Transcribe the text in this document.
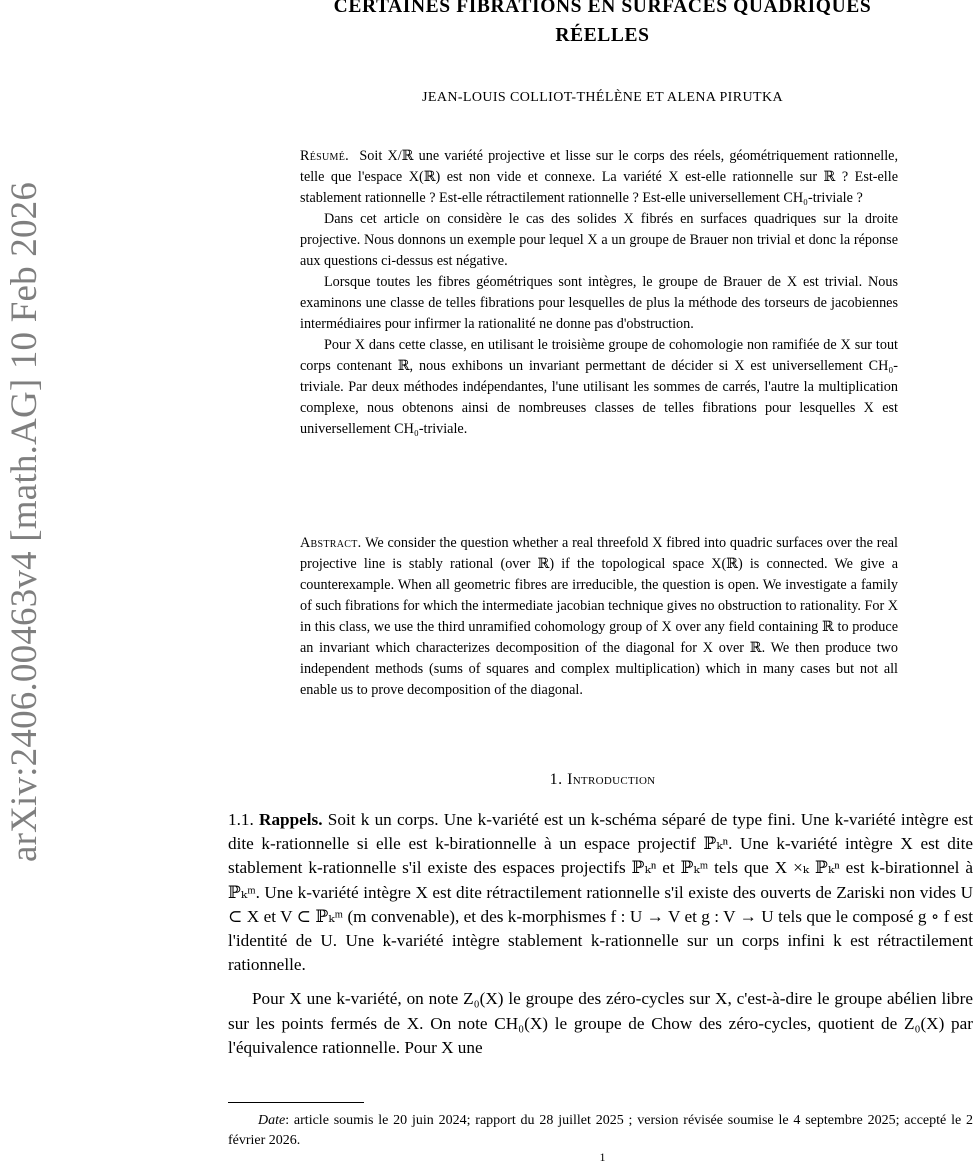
arXiv:2406.00463v4 [math.AG] 10 Feb 2026
CERTAINES FIBRATIONS EN SURFACES QUADRIQUES
RÉELLES
JEAN-LOUIS COLLIOT-THÉLÈNE ET ALENA PIRUTKA

Résumé. Soit X/ℝ une variété projective et lisse sur le corps des réels, géométriquement rationnelle, telle que l'espace X(ℝ) est non vide et connexe. La variété X est-elle rationnelle sur ℝ ? Est-elle stablement rationnelle ? Est-elle rétractilement rationnelle ? Est-elle universellement CH₀-triviale ?

Dans cet article on considère le cas des solides X fibrés en surfaces quadriques sur la droite projective. Nous donnons un exemple pour lequel X a un groupe de Brauer non trivial et donc la réponse aux questions ci-dessus est négative.

Lorsque toutes les fibres géométriques sont intègres, le groupe de Brauer de X est trivial. Nous examinons une classe de telles fibrations pour lesquelles de plus la méthode des torseurs de jacobiennes intermédiaires pour infirmer la rationalité ne donne pas d'obstruction.

Pour X dans cette classe, en utilisant le troisième groupe de cohomologie non ramifiée de X sur tout corps contenant ℝ, nous exhibons un invariant permettant de décider si X est universellement CH₀-triviale. Par deux méthodes indépendantes, l'une utilisant les sommes de carrés, l'autre la multiplication complexe, nous obtenons ainsi de nombreuses classes de telles fibrations pour lesquelles X est universellement CH₀-triviale.

Abstract. We consider the question whether a real threefold X fibred into quadric surfaces over the real projective line is stably rational (over ℝ) if the topological space X(ℝ) is connected. We give a counterexample. When all geometric fibres are irreducible, the question is open. We investigate a family of such fibrations for which the intermediate jacobian technique gives no obstruction to rationality. For X in this class, we use the third unramified cohomology group of X over any field containing ℝ to produce an invariant which characterizes decomposition of the diagonal for X over ℝ. We then produce two independent methods (sums of squares and complex multiplication) which in many cases but not all enable us to prove decomposition of the diagonal.

1. Introduction

1.1. Rappels. Soit k un corps. Une k-variété est un k-schéma séparé de type fini. Une k-variété intègre est dite k-rationnelle si elle est k-birationnelle à un espace projectif ℙₖⁿ. Une k-variété intègre X est dite stablement k-rationnelle s'il existe des espaces projectifs ℙₖⁿ et ℙₖᵐ tels que X ×ₖ ℙₖⁿ est k-birationnel à ℙₖᵐ. Une k-variété intègre X est dite rétractilement rationnelle s'il existe des ouverts de Zariski non vides U ⊂ X et V ⊂ ℙₖᵐ (m convenable), et des k-morphismes f : U → V et g : V → U tels que le composé g ∘ f est l'identité de U. Une k-variété intègre stablement k-rationnelle sur un corps infini k est rétractilement rationnelle.

Pour X une k-variété, on note Z₀(X) le groupe des zéro-cycles sur X, c'est-à-dire le groupe abélien libre sur les points fermés de X. On note CH₀(X) le groupe de Chow des zéro-cycles, quotient de Z₀(X) par l'équivalence rationnelle. Pour X une

Date: article soumis le 20 juin 2024; rapport du 28 juillet 2025 ; version révisée soumise le 4 septembre 2025; accepté le 2 février 2026.
1
